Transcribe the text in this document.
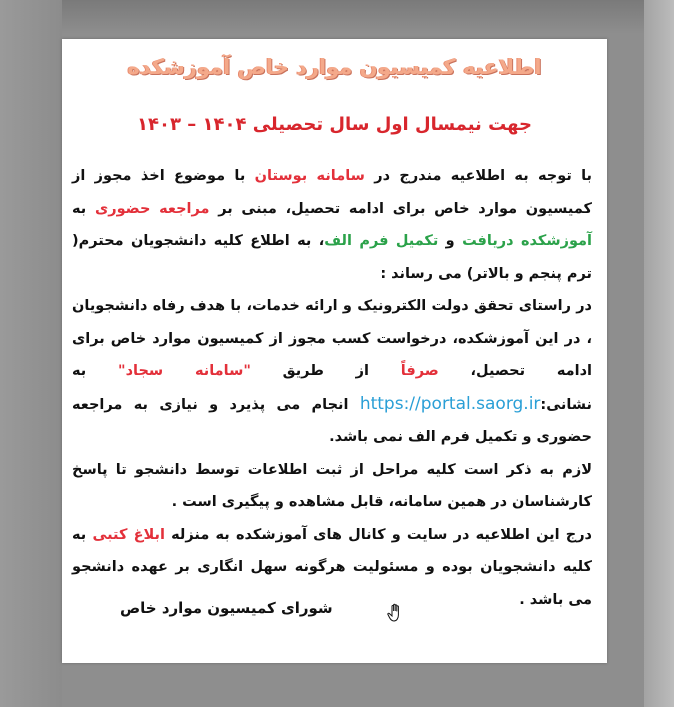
اطلاعیه کمیسیون موارد خاص آموزشکده
جهت نیمسال اول سال تحصیلی ۱۴۰۴ – ۱۴۰۳

با توجه به اطلاعیه مندرج در سامانه بوستان با موضوع اخذ مجوز از کمیسیون موارد خاص برای ادامه تحصیل، مبنی بر مراجعه حضوری به آموزشکده دریافت و تکمیل فرم الف، به اطلاع کلیه دانشجویان محترم( ترم پنجم و بالاتر) می رساند :

در راستای تحقق دولت الکترونیک و ارائه خدمات، با هدف رفاه دانشجویان ، در این آموزشکده، درخواست کسب مجوز از کمیسیون موارد خاص برای ادامه تحصیل، صرفاً از طریق "سامانه سجاد" به نشانی:https://portal.saorg.ir انجام می پذیرد و نیازی به مراجعه حضوری و تکمیل فرم الف نمی باشد.

لازم به ذکر است کلیه مراحل از ثبت اطلاعات توسط دانشجو تا پاسخ کارشناسان در همین سامانه، قابل مشاهده و پیگیری است .

درج این اطلاعیه در سایت و کانال های آموزشکده به منزله ابلاغ کتبی به کلیه دانشجویان بوده و مسئولیت هرگونه سهل انگاری بر عهده دانشجو می باشد .

شورای کمیسیون موارد خاص
